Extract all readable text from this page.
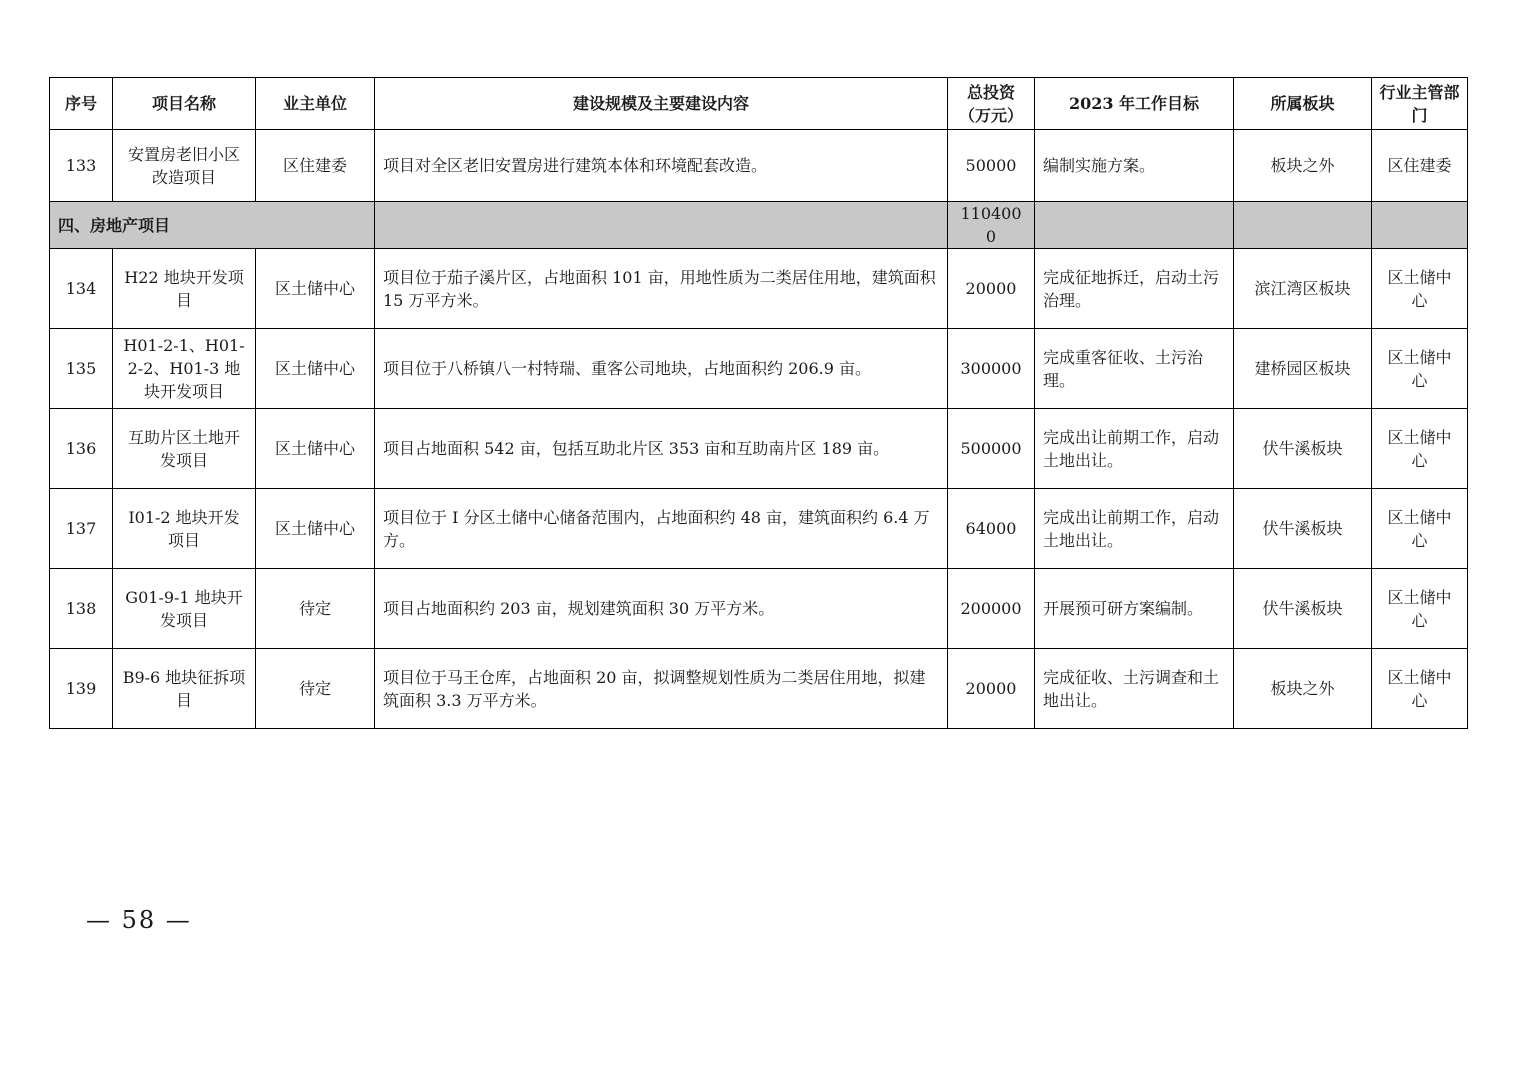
序号	项目名称	业主单位	建设规模及主要建设内容	总投资（万元）	2023 年工作目标	所属板块	行业主管部门
133	安置房老旧小区改造项目	区住建委	项目对全区老旧安置房进行建筑本体和环境配套改造。	50000	编制实施方案。	板块之外	区住建委
四、房地产项目				1104000			
134	H22 地块开发项目	区土储中心	项目位于茄子溪片区，占地面积 101 亩，用地性质为二类居住用地，建筑面积 15 万平方米。	20000	完成征地拆迁，启动土污治理。	滨江湾区板块	区土储中心
135	H01-2-1、H01-2-2、H01-3 地块开发项目	区土储中心	项目位于八桥镇八一村特瑞、重客公司地块，占地面积约 206.9 亩。	300000	完成重客征收、土污治理。	建桥园区板块	区土储中心
136	互助片区土地开发项目	区土储中心	项目占地面积 542 亩，包括互助北片区 353 亩和互助南片区 189 亩。	500000	完成出让前期工作，启动土地出让。	伏牛溪板块	区土储中心
137	I01-2 地块开发项目	区土储中心	项目位于 I 分区土储中心储备范围内，占地面积约 48 亩，建筑面积约 6.4 万方。	64000	完成出让前期工作，启动土地出让。	伏牛溪板块	区土储中心
138	G01-9-1 地块开发项目	待定	项目占地面积约 203 亩，规划建筑面积 30 万平方米。	200000	开展预可研方案编制。	伏牛溪板块	区土储中心
139	B9-6 地块征拆项目	待定	项目位于马王仓库，占地面积 20 亩，拟调整规划性质为二类居住用地，拟建筑面积 3.3 万平方米。	20000	完成征收、土污调查和土地出让。	板块之外	区土储中心
— 58 —
